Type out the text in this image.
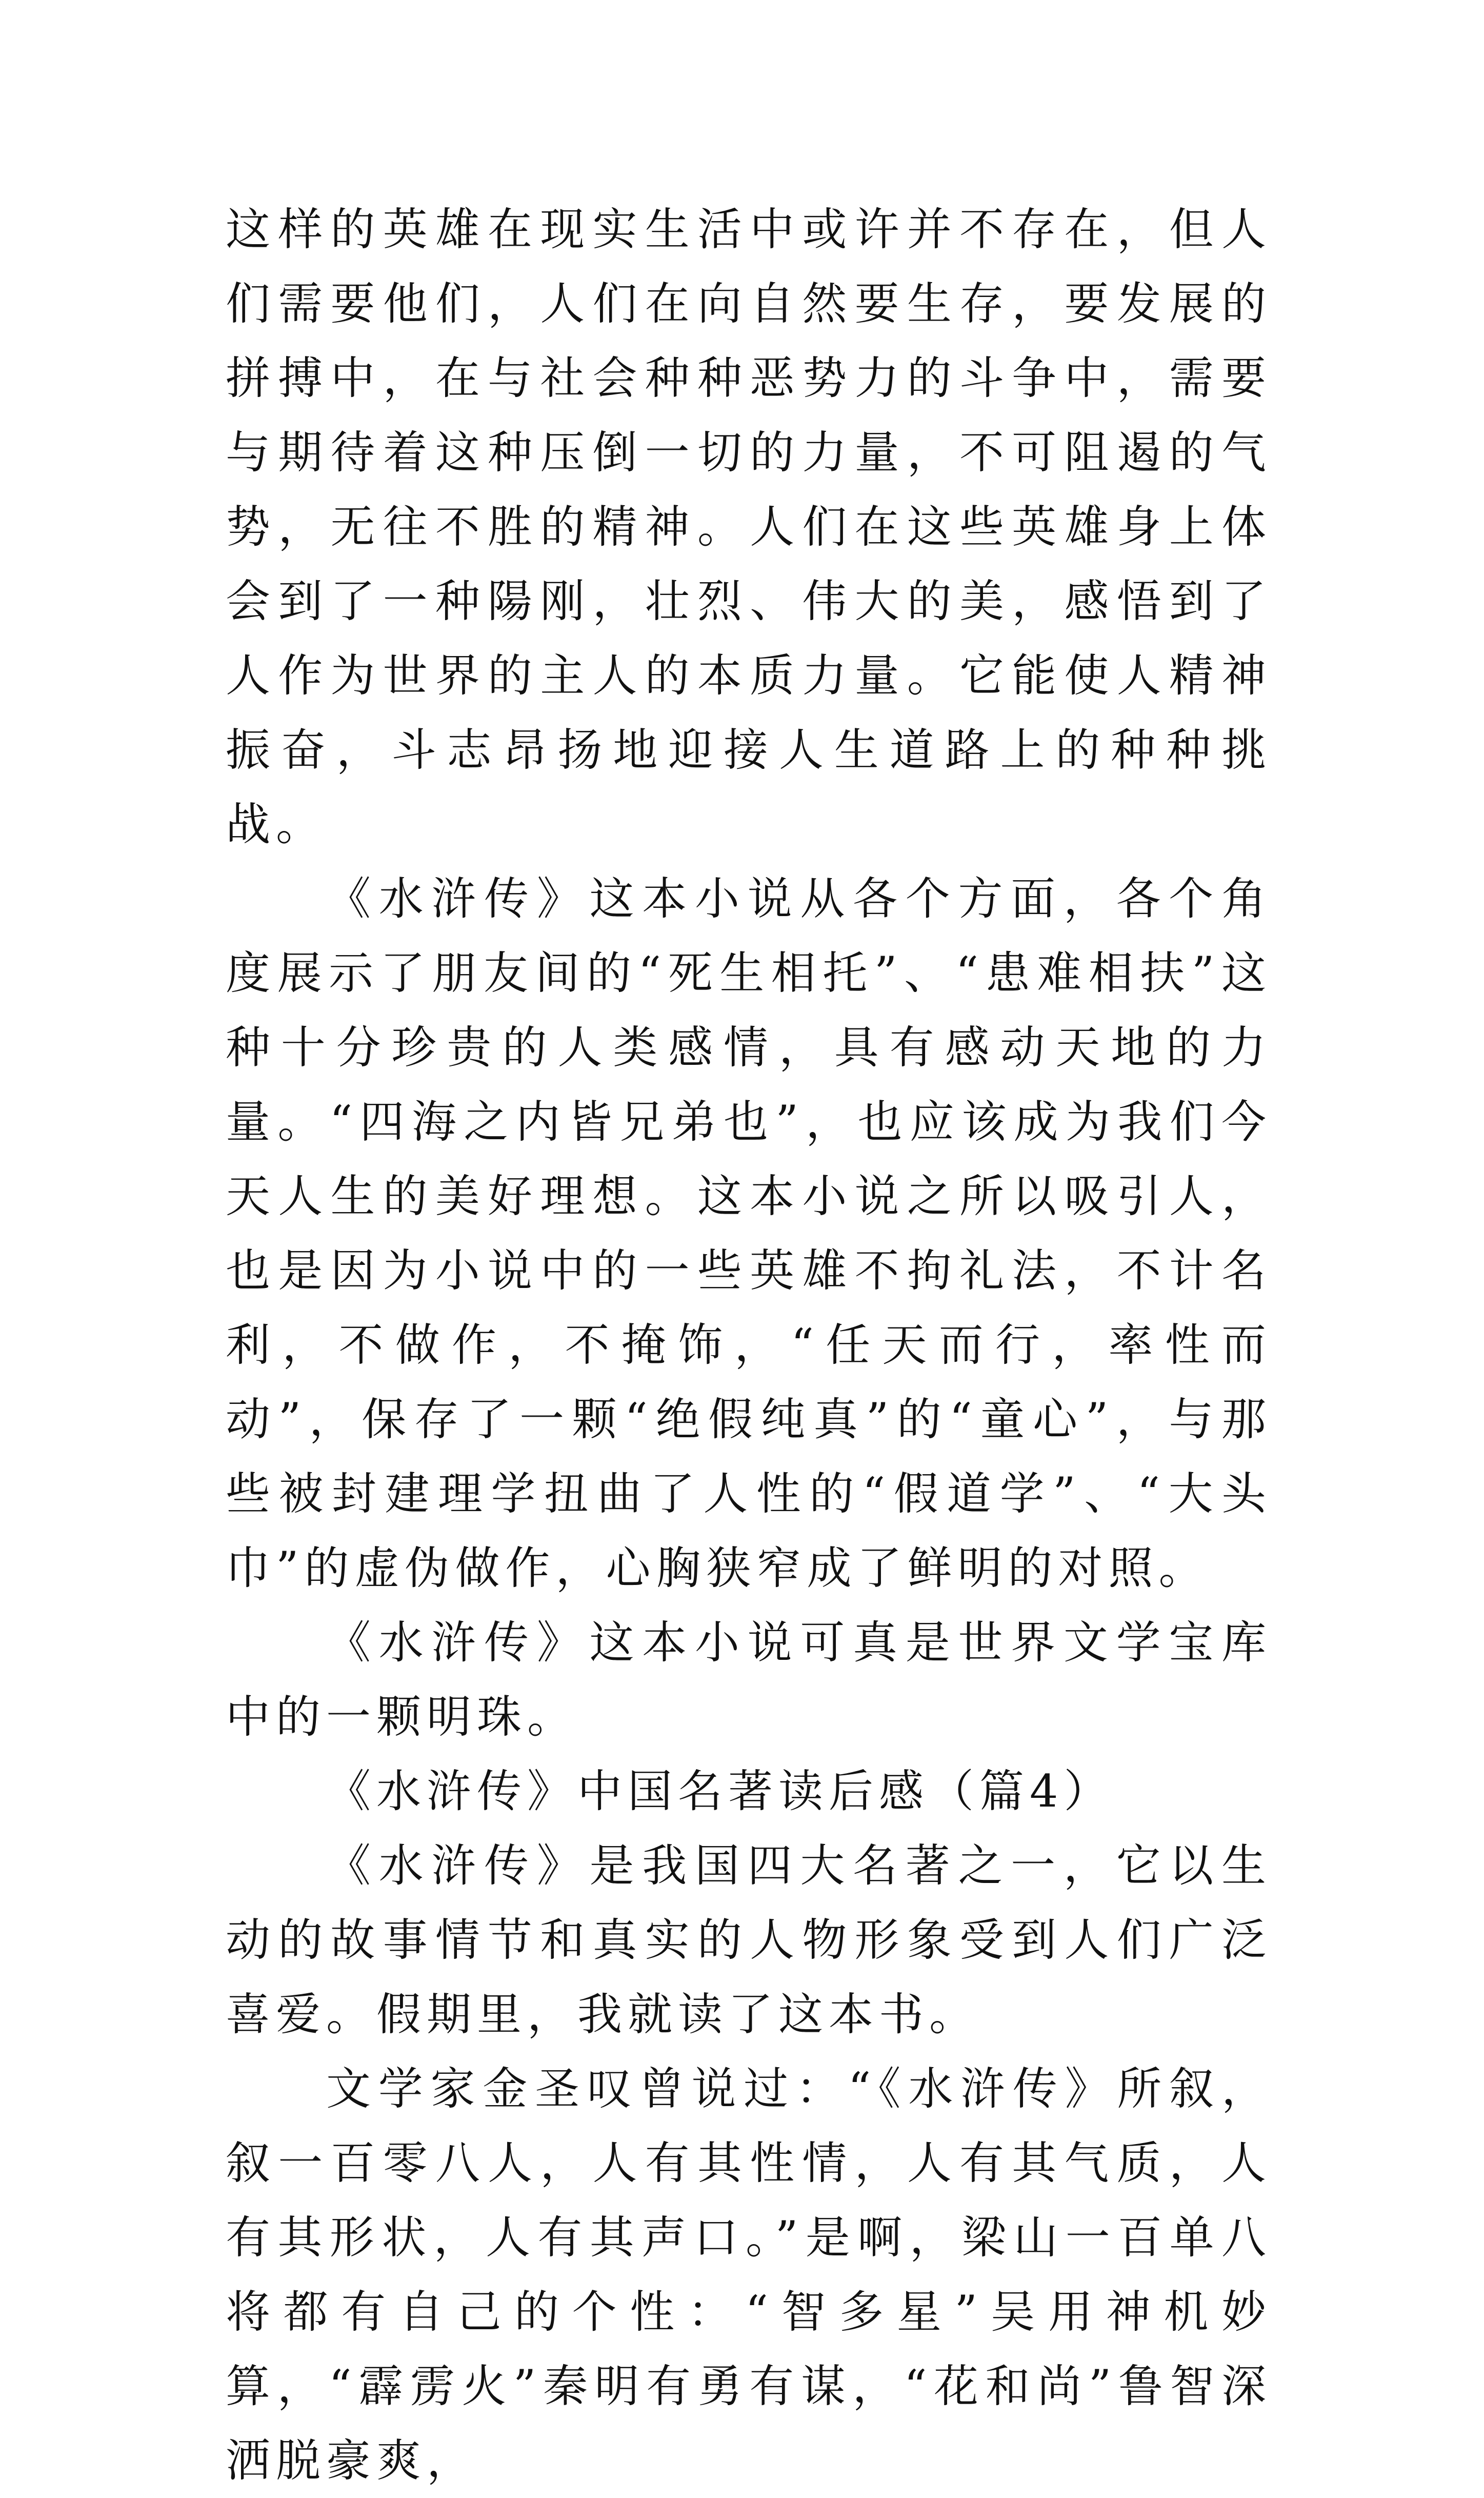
这样的英雄在现实生活中或许并不存在，但人们需要他们，人们在向自然要生存，要发展的拼搏中，在与社会种种恶势力的斗争中，需要与期待着这种压倒一切的力量，不可阻遏的气势，无往不胜的精神。人们在这些英雄身上体会到了一种陽刚，壮烈、伟大的美，感悟到了人作为世界的主人的本质力量。它能使人精神振奋，斗志昂扬地迎接人生道路上的种种挑战。

《水浒传》这本小说从各个方面，各个角度展示了朋友间的“死生相托”、“患难相扶”这种十分珍贵的人类感情，具有感动天地的力量。“四海之内皆兄弟也”，也应该成为我们今天人生的美好理想。这本小说之所以吸引人，也是因为小说中的一些英雄不拘礼法，不计名利，不做作，不掩饰，“任天而行，率性而动”，保存了一颗“绝假纯真”的“童心”，与那些被封建理学扭曲了人性的“假道学”、“大头巾”的虚伪做作，心胸狭窄成了鲜明的对照。

《水浒传》这本小说可真是世界文学宝库中的一颗明珠。

《水浒传》中国名著读后感（篇4）

《水浒传》是我国四大名著之一，它以生动的故事情节和真实的人物形象受到人们广泛喜爱。假期里，我就读了这本书。

文学家金圣叹曾说过：“《水浒传》所叙，叙一百零八人，人有其性情，人有其气质，人有其形状，人有其声口。”是啊，梁山一百单八将都有自己的个性：“智多星”吴用神机妙算，“霹雳火”秦明有勇有谋，“花和尚”鲁智深洒脱豪爽，
